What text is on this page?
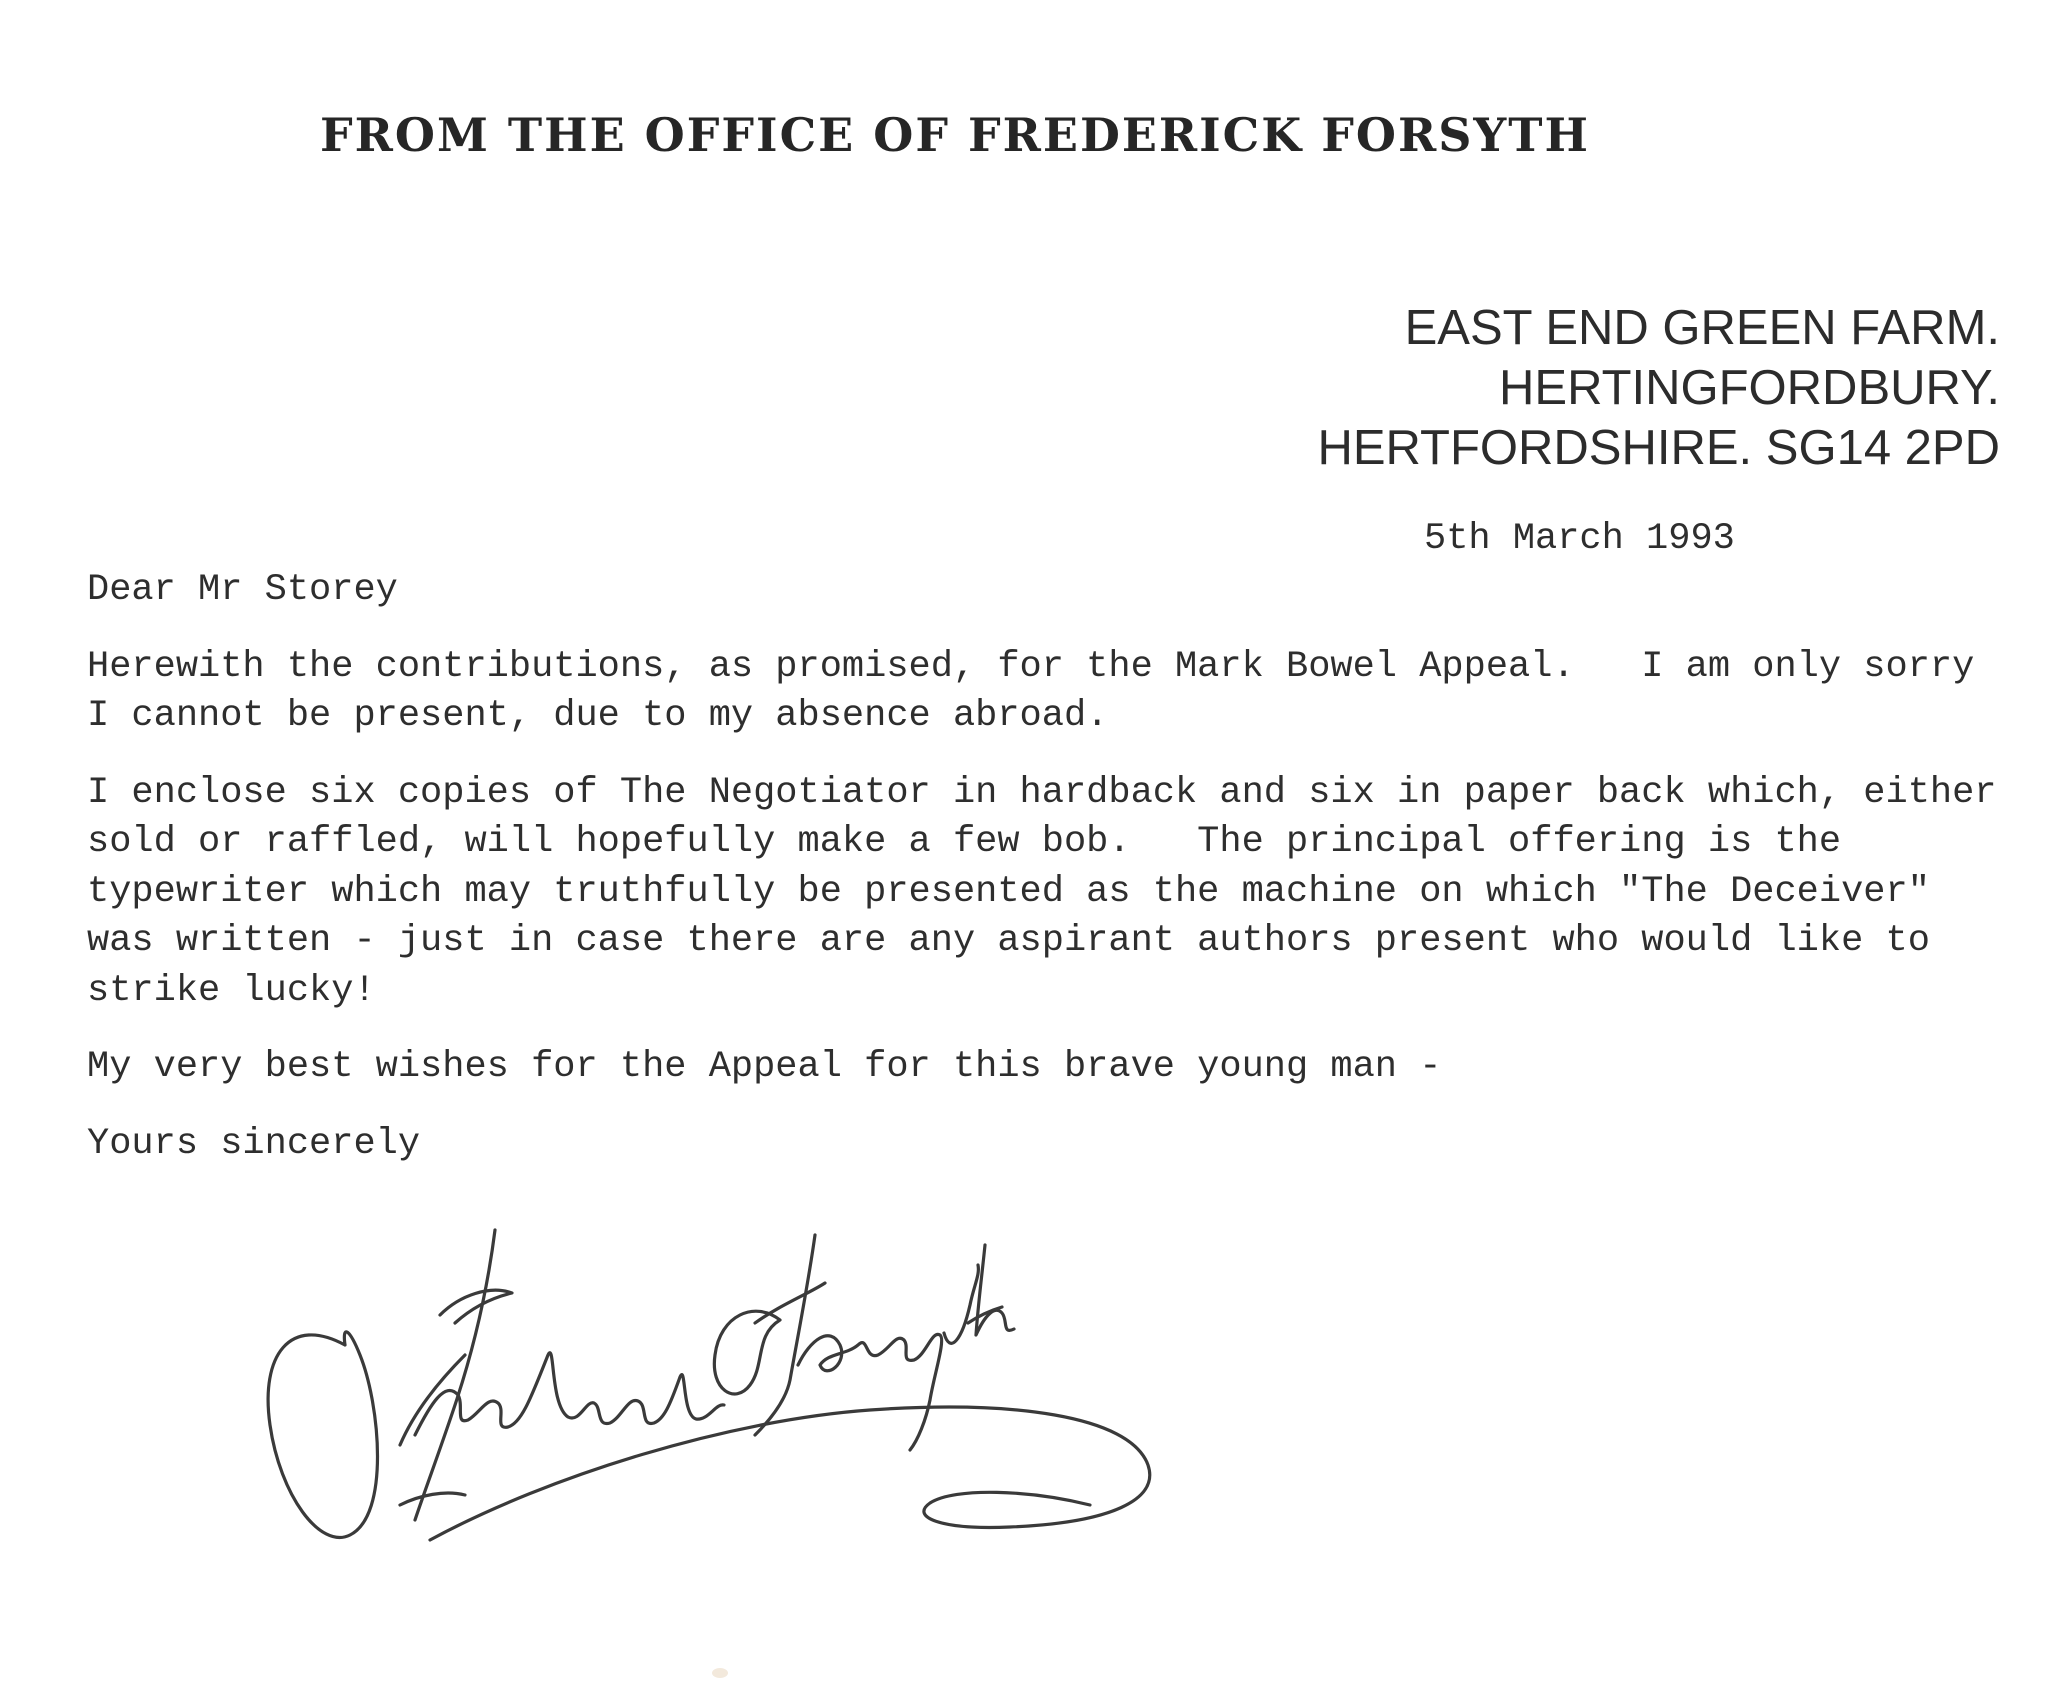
FROM THE OFFICE OF FREDERICK FORSYTH
EAST END GREEN FARM.
HERTINGFORDBURY.
HERTFORDSHIRE. SG14 2PD
5th March 1993

Dear Mr Storey

Herewith the contributions, as promised, for the Mark Bowel Appeal.   I am only sorry
I cannot be present, due to my absence abroad.

I enclose six copies of The Negotiator in hardback and six in paper back which, either
sold or raffled, will hopefully make a few bob.   The principal offering is the
typewriter which may truthfully be presented as the machine on which "The Deceiver"
was written - just in case there are any aspirant authors present who would like to
strike lucky!

My very best wishes for the Appeal for this brave young man -

Yours sincerely
